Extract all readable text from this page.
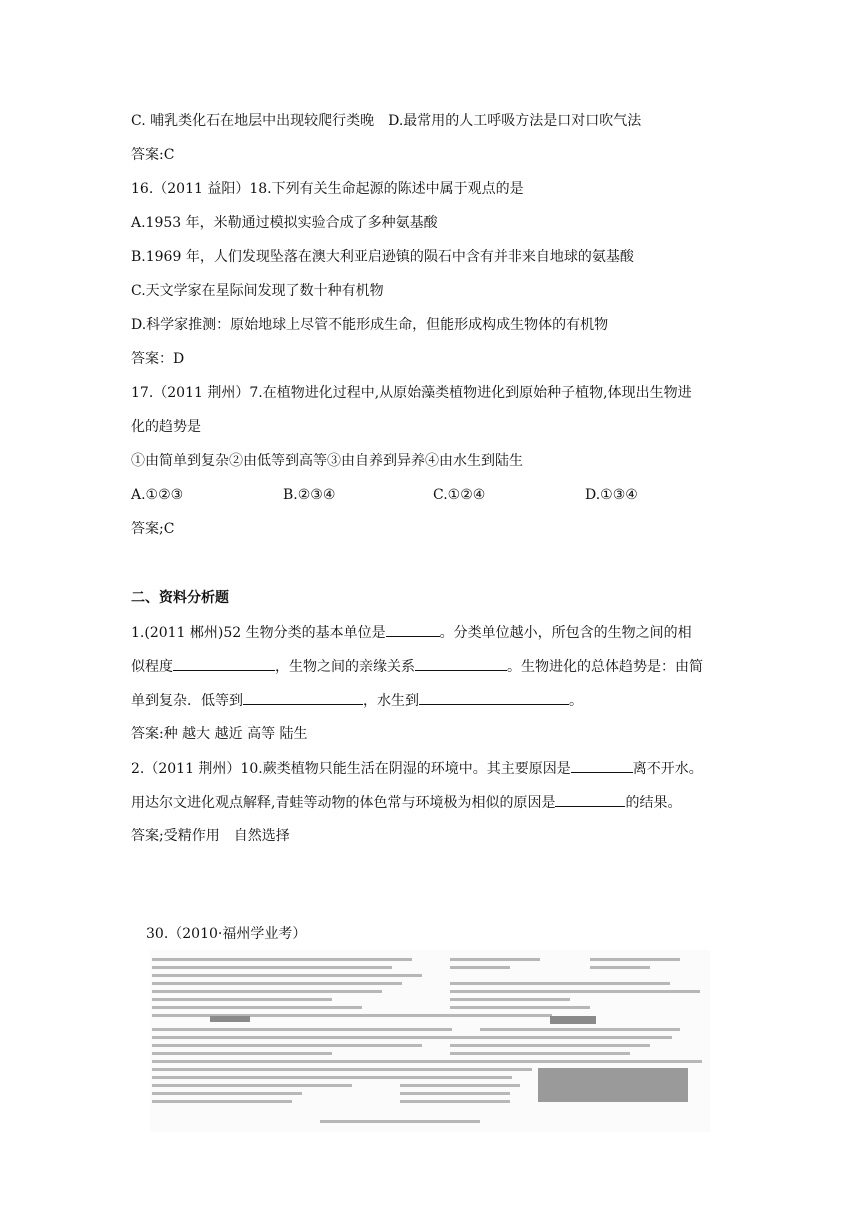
C. 哺乳类化石在地层中出现较爬行类晚　D.最常用的人工呼吸方法是口对口吹气法
答案:C
16.（2011 益阳）18.下列有关生命起源的陈述中属于观点的是
A.1953 年，米勒通过模拟实验合成了多种氨基酸
B.1969 年，人们发现坠落在澳大利亚启逊镇的陨石中含有并非来自地球的氨基酸
C.天文学家在星际间发现了数十种有机物
D.科学家推测：原始地球上尽管不能形成生命，但能形成构成生物体的有机物
答案：D
17.（2011 荆州）7.在植物进化过程中,从原始藻类植物进化到原始种子植物,体现出生物进
化的趋势是
①由简单到复杂②由低等到高等③由自养到异养④由水生到陆生
A.①②③	B.②③④	C.①②④	D.①③④
答案;C
二、资料分析题
1.(2011 郴州)52 生物分类的基本单位是	。分类单位越小，所包含的生物之间的相
似程度	，生物之间的亲缘关系	。生物进化的总体趋势是：由简
单到复杂．低等到	，水生到	。
答案:种 越大 越近 高等 陆生
2.（2011 荆州）10.蕨类植物只能生活在阴湿的环境中。其主要原因是	离不开水。
用达尔文进化观点解释,青蛙等动物的体色常与环境极为相似的原因是	的结果。
答案;受精作用　自然选择
30.（2010·福州学业考）
